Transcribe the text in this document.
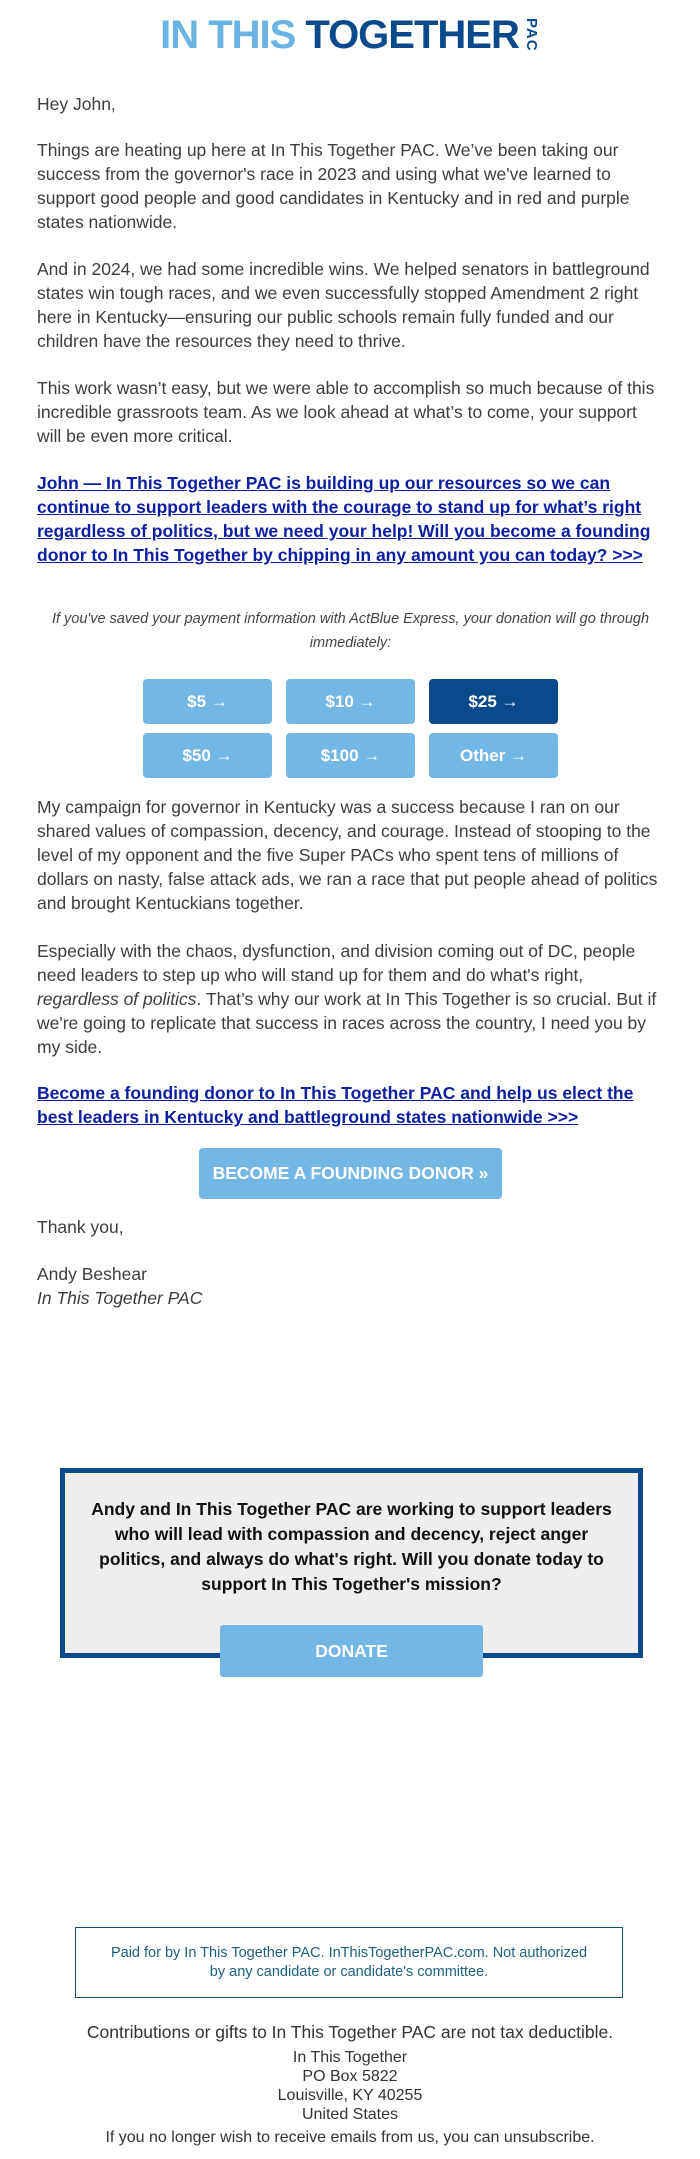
IN THIS TOGETHER PAC

Hey John,

Things are heating up here at In This Together PAC. We’ve been taking our success from the governor's race in 2023 and using what we've learned to support good people and good candidates in Kentucky and in red and purple states nationwide.

And in 2024, we had some incredible wins. We helped senators in battleground states win tough races, and we even successfully stopped Amendment 2 right here in Kentucky—ensuring our public schools remain fully funded and our children have the resources they need to thrive.

This work wasn’t easy, but we were able to accomplish so much because of this incredible grassroots team. As we look ahead at what’s to come, your support will be even more critical.

John — In This Together PAC is building up our resources so we can continue to support leaders with the courage to stand up for what’s right regardless of politics, but we need your help! Will you become a founding donor to In This Together by chipping in any amount you can today? >>>

If you've saved your payment information with ActBlue Express, your donation will go through immediately:
$5 →	$10 →	$25 →
$50 →	$100 →	Other →

My campaign for governor in Kentucky was a success because I ran on our shared values of compassion, decency, and courage. Instead of stooping to the level of my opponent and the five Super PACs who spent tens of millions of dollars on nasty, false attack ads, we ran a race that put people ahead of politics and brought Kentuckians together.

Especially with the chaos, dysfunction, and division coming out of DC, people need leaders to step up who will stand up for them and do what's right, regardless of politics. That’s why our work at In This Together is so crucial. But if we're going to replicate that success in races across the country, I need you by my side.

Become a founding donor to In This Together PAC and help us elect the best leaders in Kentucky and battleground states nationwide >>>

BECOME A FOUNDING DONOR »

Thank you,

Andy Beshear

In This Together PAC

Andy and In This Together PAC are working to support leaders who will lead with compassion and decency, reject anger politics, and always do what's right. Will you donate today to support In This Together's mission?
DONATE
Paid for by In This Together PAC. InThisTogetherPAC.com. Not authorized by any candidate or candidate's committee.
Contributions or gifts to In This Together PAC are not tax deductible.
In This Together
PO Box 5822
Louisville, KY 40255
United States
If you no longer wish to receive emails from us, you can unsubscribe.
